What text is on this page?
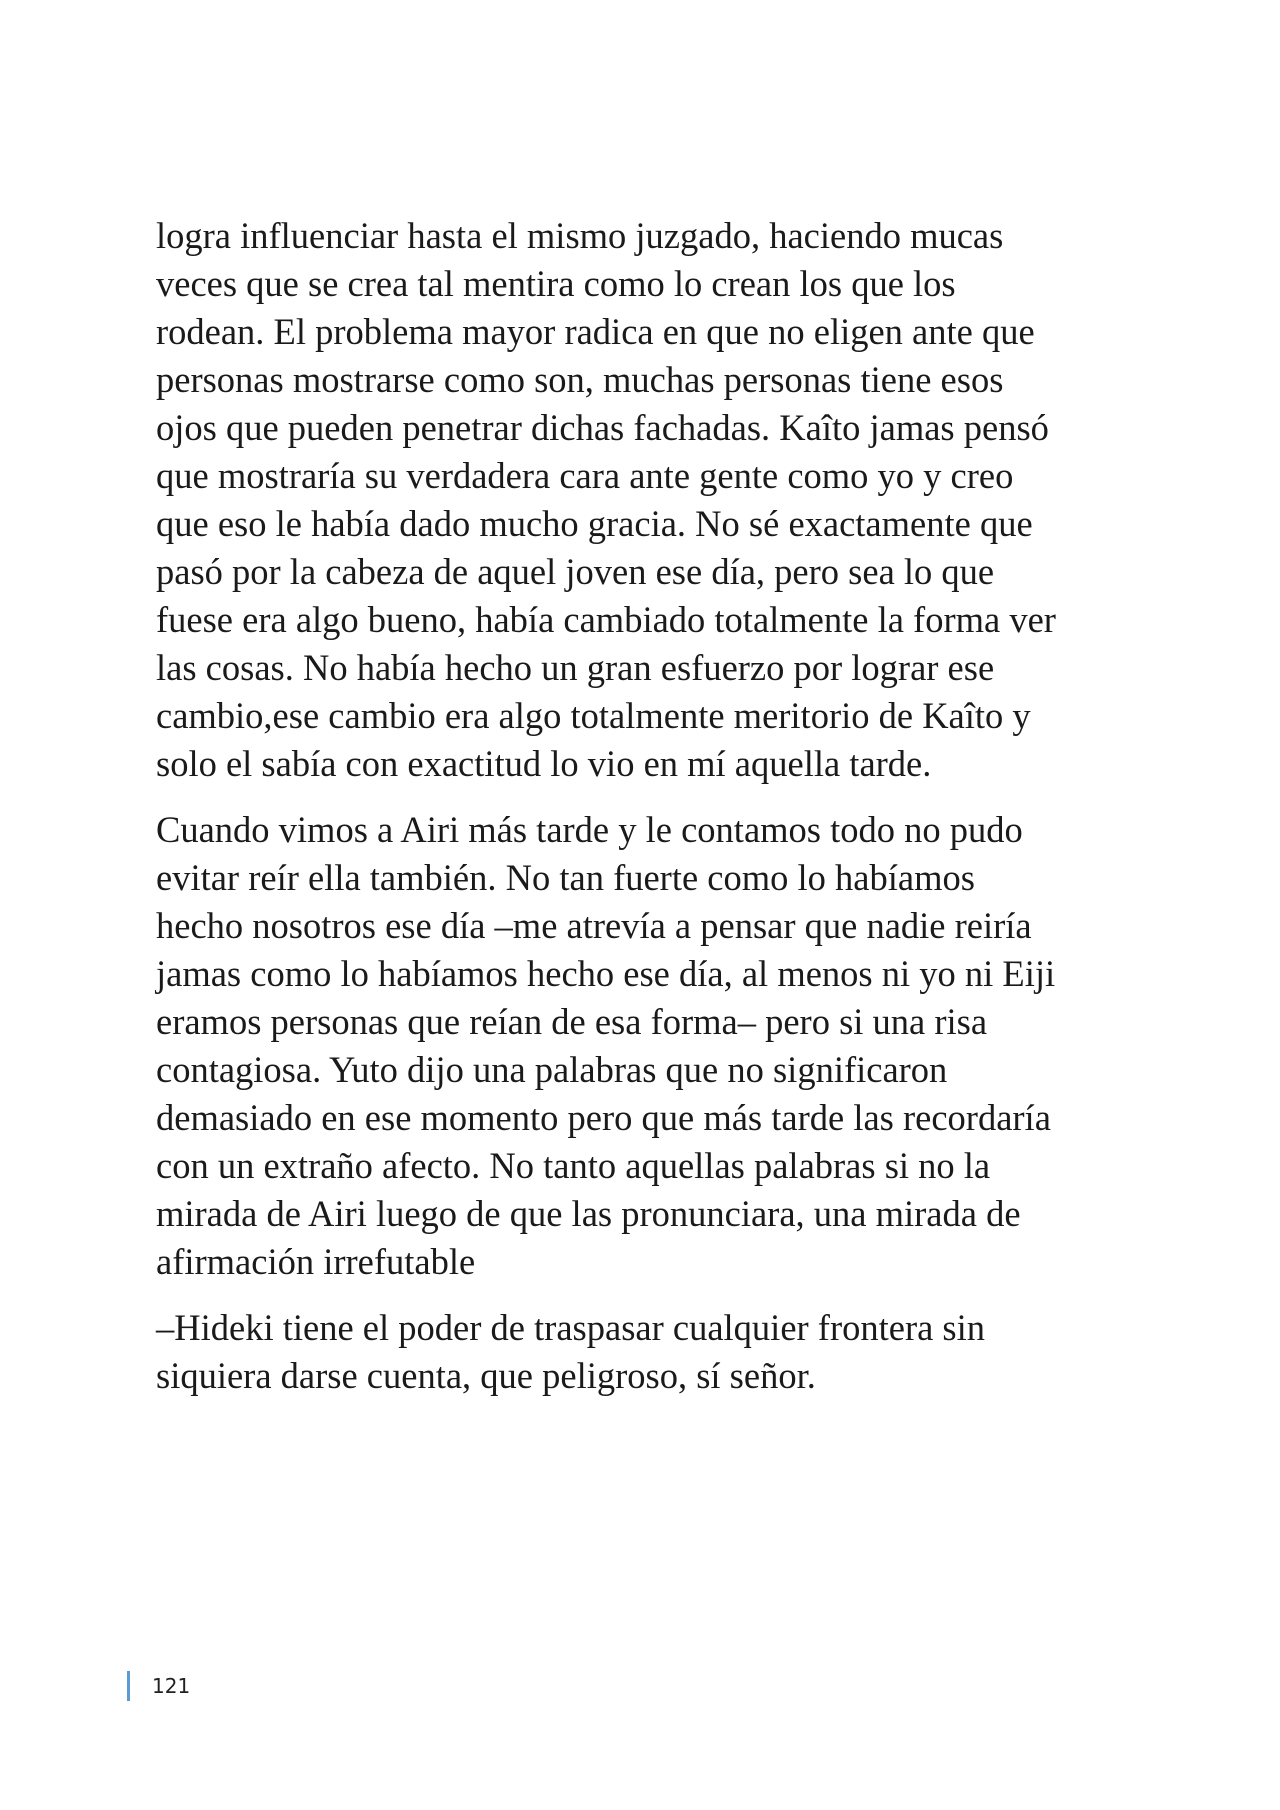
logra influenciar hasta el mismo juzgado, haciendo mucas
veces que se crea tal mentira como lo crean los que los
rodean. El problema mayor radica en que no eligen ante que
personas mostrarse como son, muchas personas tiene esos
ojos que pueden penetrar dichas fachadas. Kaîto jamas pensó
que mostraría su verdadera cara ante gente como yo y creo
que eso le había dado mucho gracia. No sé exactamente que
pasó por la cabeza de aquel joven ese día, pero sea lo que
fuese era algo bueno, había cambiado totalmente la forma ver
las cosas. No había hecho un gran esfuerzo por lograr ese
cambio,ese cambio era algo totalmente meritorio de Kaîto y
solo el sabía con exactitud lo vio en mí aquella tarde.

Cuando vimos a Airi más tarde y le contamos todo no pudo
evitar reír ella también. No tan fuerte como lo habíamos
hecho nosotros ese día –me atrevía a pensar que nadie reiría
jamas como lo habíamos hecho ese día, al menos ni yo ni Eiji
eramos personas que reían de esa forma– pero si una risa
contagiosa. Yuto dijo una palabras que no significaron
demasiado en ese momento pero que más tarde las recordaría
con un extraño afecto. No tanto aquellas palabras si no la
mirada de Airi luego de que las pronunciara, una mirada de
afirmación irrefutable

–Hideki tiene el poder de traspasar cualquier frontera sin
siquiera darse cuenta, que peligroso, sí señor.

121
